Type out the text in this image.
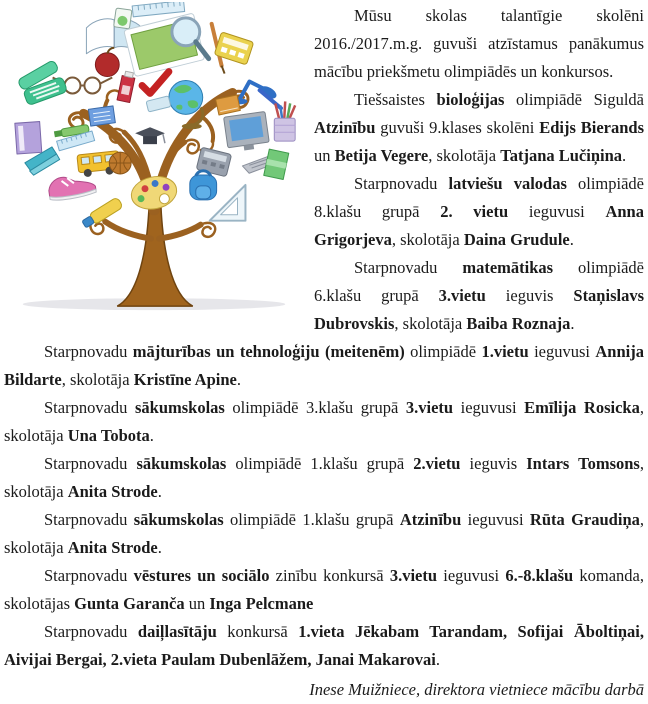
Mūsu skolas talantīgie skolēni 2016./2017.m.g. guvuši atzīstamus panākumus mācību priekšmetu olimpiādēs un konkursos.

Tiešsaistes bioloģijas olimpiādē Siguldā Atzinību guvuši 9.klases skolēni Edijs Bierands un Betija Vegere, skolotāja Tatjana Lučiņina.

Starpnovadu latviešu valodas olimpiādē 8.klašu grupā 2. vietu ieguvusi Anna Grigorjeva, skolotāja Daina Grudule.

Starpnovadu matemātikas olimpiādē 6.klašu grupā 3.vietu ieguvis Staņislavs Dubrovskis, skolotāja Baiba Roznaja.

Starpnovadu mājturības un tehnoloģiju (meitenēm) olimpiādē 1.vietu ieguvusi Annija Bildarte, skolotāja Kristīne Apine.

Starpnovadu sākumskolas olimpiādē 3.klašu grupā 3.vietu ieguvusi Emīlija Rosicka, skolotāja Una Tobota.

Starpnovadu sākumskolas olimpiādē 1.klašu grupā 2.vietu ieguvis Intars Tomsons, skolotāja Anita Strode.

Starpnovadu sākumskolas olimpiādē 1.klašu grupā Atzinību ieguvusi Rūta Graudiņa, skolotāja Anita Strode.

Starpnovadu vēstures un sociālo zinību konkursā 3.vietu ieguvusi 6.-8.klašu komanda, skolotājas Gunta Garanča un Inga Pelcmane

Starpnovadu daiļlasītāju konkursā 1.vieta Jēkabam Tarandam, Sofijai Āboltiņai, Aivijai Bergai, 2.vieta Paulam Dubenlāžem, Janai Makarovai.

Inese Muižniece, direktora vietniece mācību darbā
